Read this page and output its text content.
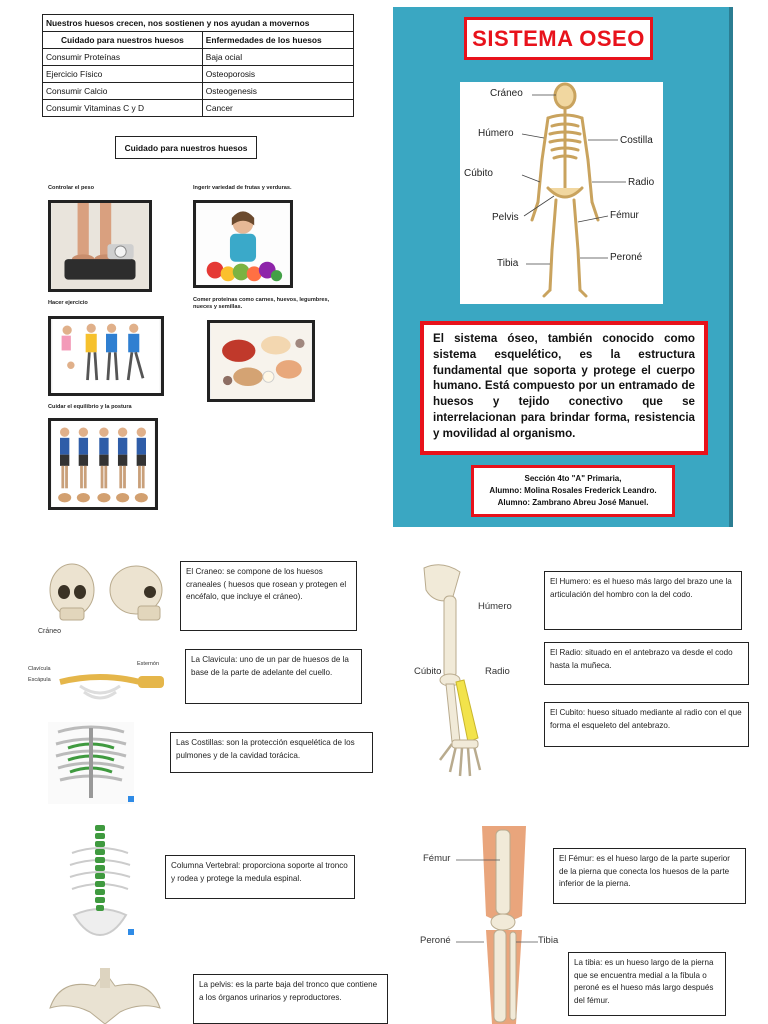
Nuestros huesos crecen, nos sostienen y nos ayudan a movernos	
Cuidado para nuestros huesos	Enfermedades de los huesos
Consumir Proteínas	Baja ocial
Ejercicio Físico	Osteoporosis
Consumir Calcio	Osteogenesis
Consumir Vitaminas C y D	Cancer
Cuidado para nuestros huesos
Controlar el peso	Ingerir variedad de frutas y verduras.
Hacer ejercicio	Comer proteinas como carnes, huevos, legumbres, nueces y semillas.
Cuidar el equilibrio y la postura
SISTEMA OSEO
Cráneo
Húmero
Costilla
Cúbito
Radio
Pelvis	Fémur
Tibia
Peroné
El sistema óseo, también conocido como sistema esquelético, es la estructura fundamental que soporta y protege el cuerpo humano. Está compuesto por un entramado de huesos y tejido conectivo que se interrelacionan para brindar forma, resistencia y movilidad al organismo.
Sección 4to "A" Primaria,
Alumno: Molina Rosales Frederick Leandro.
Alumno: Zambrano Abreu José Manuel.
Cráneo
El Craneo: se compone de los huesos craneales ( huesos que rosean y protegen el encéfalo, que incluye el cráneo).
Clavícula
Escápula
Esternón	La Clavicula: uno de un par de huesos de la base de la parte de adelante del cuello.
Las Costillas: son la protección esquelética de los pulmones y de la cavidad torácica.
Columna Vertebral: proporciona soporte al tronco y rodea y protege la medula espinal.
La pelvis: es la parte baja del tronco que contiene a los órganos urinarios y reproductores.
Húmero
Cúbito	Radio
El Humero: es el hueso más largo del brazo une la articulación del hombro con la del codo.
El Radio: situado en el antebrazo va desde el codo hasta la muñeca.
El Cubito: hueso situado mediante al radio con el que forma el esqueleto del antebrazo.
Fémur
Peroné	Tibia
El Fémur: es el hueso largo de la parte superior de la pierna que conecta los huesos de la parte inferior de la pierna.
La tibia: es un hueso largo de la pierna que se encuentra medial a la fíbula o peroné es el hueso más largo después del fémur.
